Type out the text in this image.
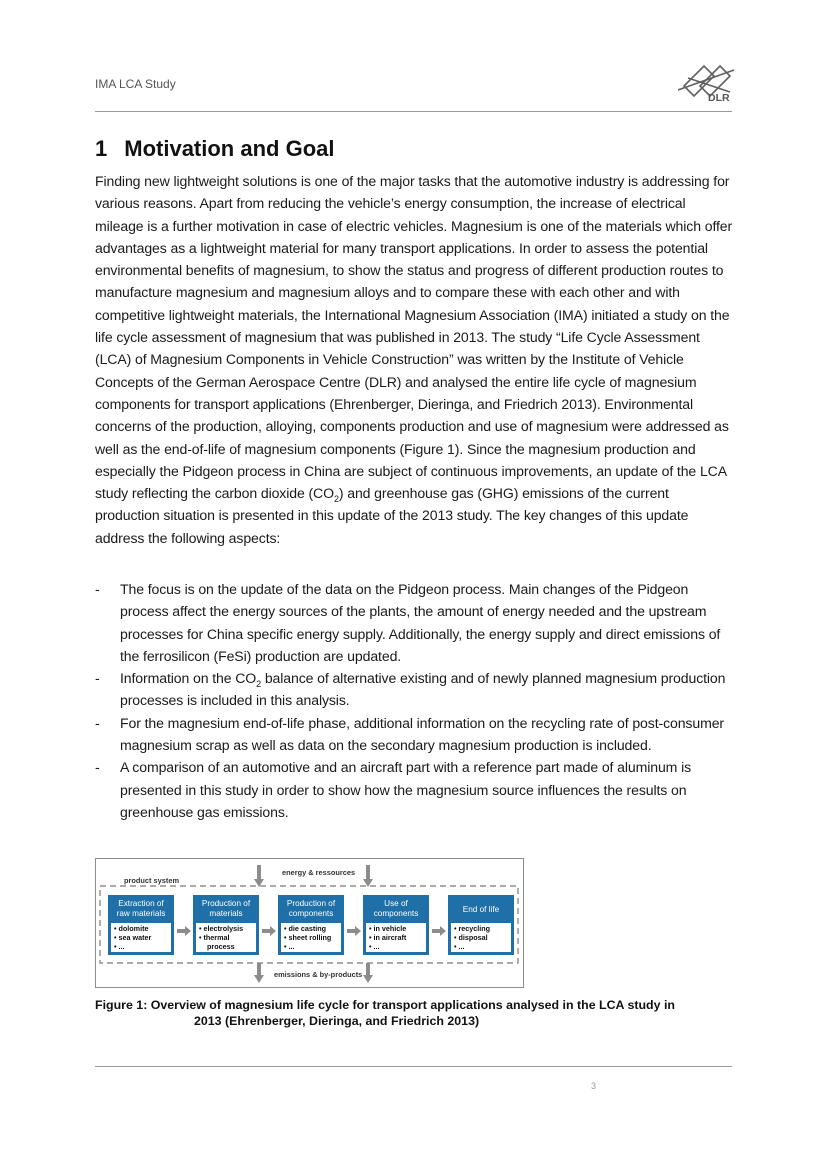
IMA LCA Study
DLR
1 Motivation and Goal

Finding new lightweight solutions is one of the major tasks that the automotive industry is addressing for various reasons. Apart from reducing the vehicle’s energy consumption, the increase of electrical mileage is a further motivation in case of electric vehicles. Magnesium is one of the materials which offer advantages as a lightweight material for many transport applications. In order to assess the potential environmental benefits of magnesium, to show the status and progress of different production routes to manufacture magnesium and magnesium alloys and to compare these with each other and with competitive lightweight materials, the International Magnesium Association (IMA) initiated a study on the life cycle assessment of magnesium that was published in 2013. The study “Life Cycle Assessment (LCA) of Magnesium Components in Vehicle Construction” was written by the Institute of Vehicle Concepts of the German Aerospace Centre (DLR) and analysed the entire life cycle of magnesium components for transport applications (Ehrenberger, Dieringa, and Friedrich 2013). Environmental concerns of the production, alloying, components production and use of magnesium were addressed as well as the end-of-life of magnesium components (Figure 1). Since the magnesium production and especially the Pidgeon process in China are subject of continuous improvements, an update of the LCA study reflecting the carbon dioxide $(CO_2)$ and greenhouse gas (GHG) emissions of the current production situation is presented in this update of the 2013 study. The key changes of this update address the following aspects:

- The focus is on the update of the data on the Pidgeon process. Main changes of the Pidgeon process affect the energy sources of the plants, the amount of energy needed and the upstream processes for China specific energy supply. Additionally, the energy supply and direct emissions of the ferrosilicon (FeSi) production are updated.
- Information on the $CO_2$ balance of alternative existing and of newly planned magnesium production processes is included in this analysis.
- For the magnesium end-of-life phase, additional information on the recycling rate of post-consumer magnesium scrap as well as data on the secondary magnesium production is included.
- A comparison of an automotive and an aircraft part with a reference part made of aluminum is presented in this study in order to show how the magnesium source influences the results on greenhouse gas emissions.
product system
energy & ressources
emissions & by-products
Extraction of
raw materials
• dolomite
• sea water
• ...
Production of
materials
• electrolysis
• thermal
process
Production of
components
• die casting
• sheet rolling
• ...
Use of
components
• in vehicle
• in aircraft
• ...
End of life
• recycling
• disposal
• ...
Figure 1: Overview of magnesium life cycle for transport applications analysed in the LCA study in
2013 (Ehrenberger, Dieringa, and Friedrich 2013)
3
